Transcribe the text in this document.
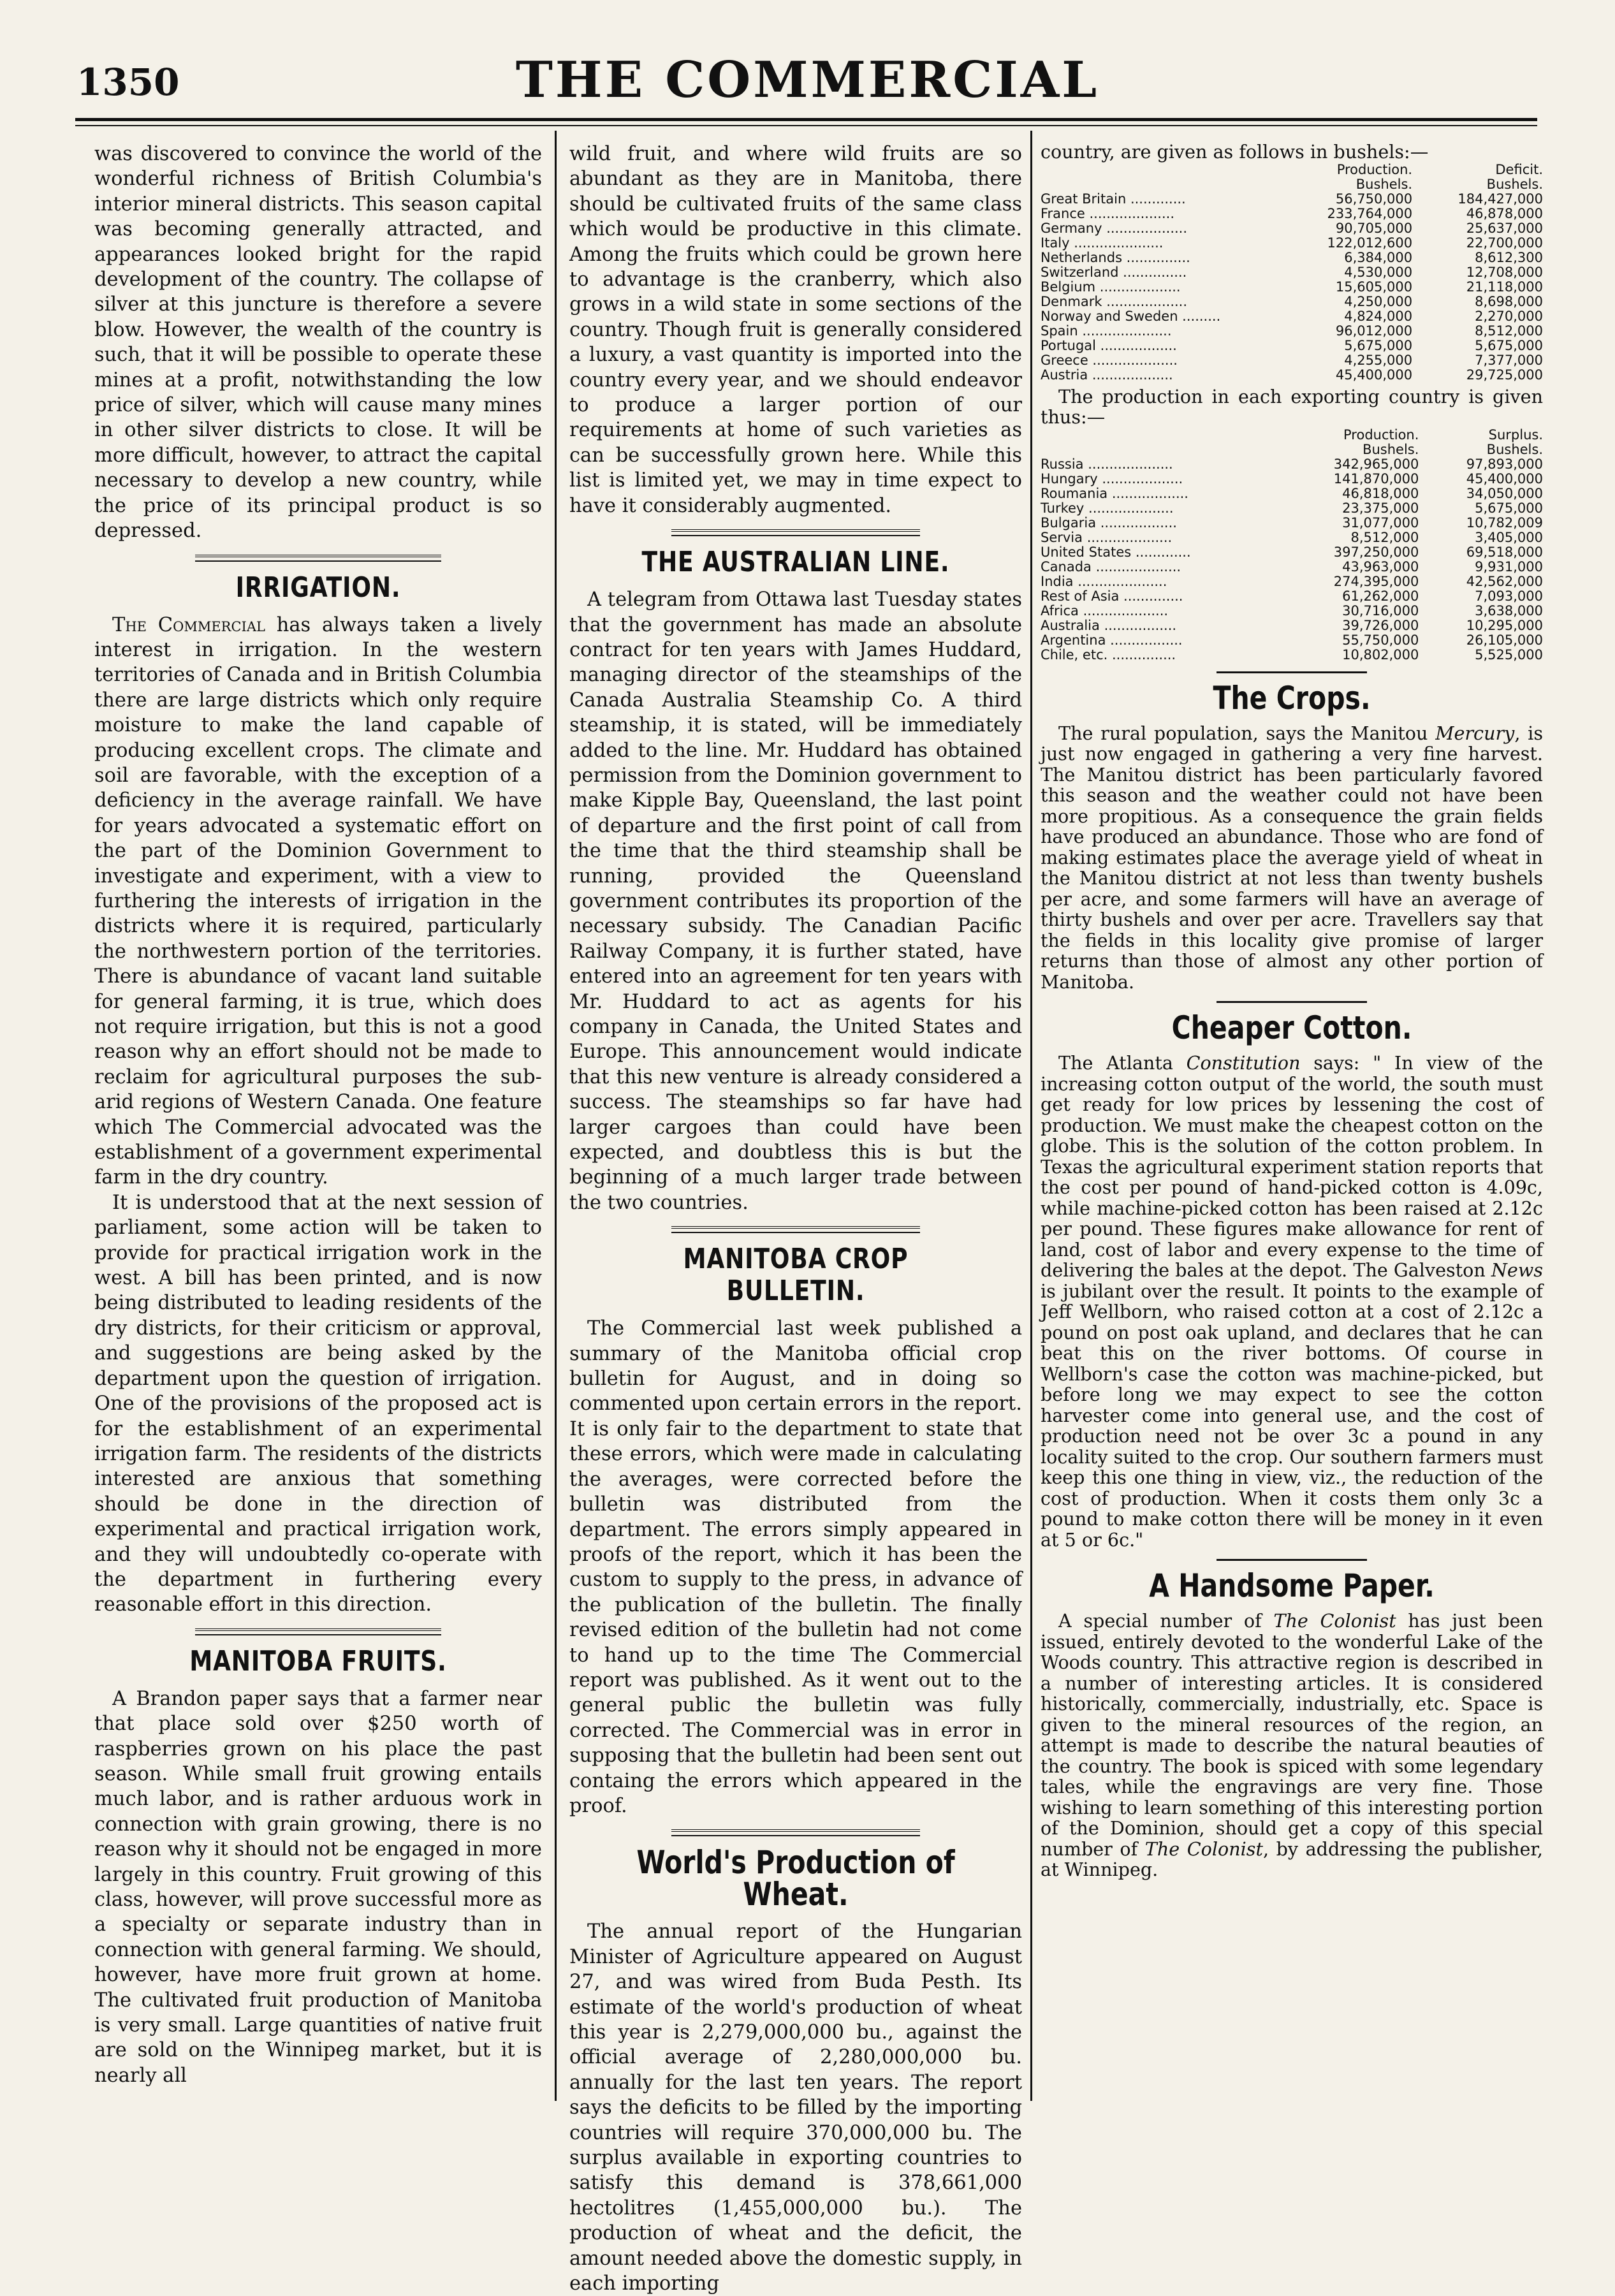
1350	THE COMMERCIAL

was discovered to convince the world of the wonderful richness of British Columbia's interior mineral districts. This season capital was becoming generally attracted, and appearances looked bright for the rapid development of the country. The collapse of silver at this juncture is therefore a severe blow. However, the wealth of the country is such, that it will be possible to operate these mines at a profit, notwithstanding the low price of silver, which will cause many mines in other silver districts to close. It will be more difficult, however, to attract the capital necessary to develop a new country, while the price of its principal product is so depressed.

IRRIGATION.

The Commercial has always taken a lively interest in irrigation. In the western territories of Canada and in British Columbia there are large districts which only require moisture to make the land capable of producing excellent crops. The climate and soil are favorable, with the exception of a deficiency in the average rainfall. We have for years advocated a systematic effort on the part of the Dominion Government to investigate and experiment, with a view to furthering the interests of irrigation in the districts where it is required, particularly the northwestern portion of the territories. There is abundance of vacant land suitable for general farming, it is true, which does not require irrigation, but this is not a good reason why an effort should not be made to reclaim for agricultural purposes the sub-arid regions of Western Canada. One feature which The Commercial advocated was the establishment of a government experimental farm in the dry country.

It is understood that at the next session of parliament, some action will be taken to provide for practical irrigation work in the west. A bill has been printed, and is now being distributed to leading residents of the dry districts, for their criticism or approval, and suggestions are being asked by the department upon the question of irrigation. One of the provisions of the proposed act is for the establishment of an experimental irrigation farm. The residents of the districts interested are anxious that something should be done in the direction of experimental and practical irrigation work, and they will undoubtedly co-operate with the department in furthering every reasonable effort in this direction.

MANITOBA FRUITS.

A Brandon paper says that a farmer near that place sold over $250 worth of raspberries grown on his place the past season. While small fruit growing entails much labor, and is rather arduous work in connection with grain growing, there is no reason why it should not be engaged in more largely in this country. Fruit growing of this class, however, will prove successful more as a specialty or separate industry than in connection with general farming. We should, however, have more fruit grown at home. The cultivated fruit production of Manitoba is very small. Large quantities of native fruit are sold on the Winnipeg market, but it is nearly all

wild fruit, and where wild fruits are so abundant as they are in Manitoba, there should be cultivated fruits of the same class which would be productive in this climate. Among the fruits which could be grown here to advantage is the cranberry, which also grows in a wild state in some sections of the country. Though fruit is generally considered a luxury, a vast quantity is imported into the country every year, and we should endeavor to produce a larger portion of our requirements at home of such varieties as can be successfully grown here. While this list is limited yet, we may in time expect to have it considerably augmented.

THE AUSTRALIAN LINE.

A telegram from Ottawa last Tuesday states that the government has made an absolute contract for ten years with James Huddard, managing director of the steamships of the Canada Australia Steamship Co. A third steamship, it is stated, will be immediately added to the line. Mr. Huddard has obtained permission from the Dominion government to make Kipple Bay, Queensland, the last point of departure and the first point of call from the time that the third steamship shall be running, provided the Queensland government contributes its proportion of the necessary subsidy. The Canadian Pacific Railway Company, it is further stated, have entered into an agreement for ten years with Mr. Huddard to act as agents for his company in Canada, the United States and Europe. This announcement would indicate that this new venture is already considered a success. The steamships so far have had larger cargoes than could have been expected, and doubtless this is but the beginning of a much larger trade between the two countries.

MANITOBA CROP BULLETIN.

The Commercial last week published a summary of the Manitoba official crop bulletin for August, and in doing so commented upon certain errors in the report. It is only fair to the department to state that these errors, which were made in calculating the averages, were corrected before the bulletin was distributed from the department. The errors simply appeared in proofs of the report, which it has been the custom to supply to the press, in advance of the publication of the bulletin. The finally revised edition of the bulletin had not come to hand up to the time The Commercial report was published. As it went out to the general public the bulletin was fully corrected. The Commercial was in error in supposing that the bulletin had been sent out containg the errors which appeared in the proof.

World's Production of Wheat.

The annual report of the Hungarian Minister of Agriculture appeared on August 27, and was wired from Buda Pesth. Its estimate of the world's production of wheat this year is 2,279,000,000 bu., against the official average of 2,280,000,000 bu. annually for the last ten years. The report says the deficits to be filled by the importing countries will require 370,000,000 bu. The surplus available in exporting countries to satisfy this demand is 378,661,000 hectolitres (1,455,000,000 bu.). The production of wheat and the deficit, the amount needed above the domestic supply, in each importing

country, are given as follows in bushels:—

	Production.	Deficit.
	Bushels.	Bushels.
Great Britain .............	56,750,000	184,427,000
France ....................	233,764,000	46,878,000
Germany ...................	90,705,000	25,637,000
Italy .....................	122,012,600	22,700,000
Netherlands ...............	6,384,000	8,612,300
Switzerland ...............	4,530,000	12,708,000
Belgium ...................	15,605,000	21,118,000
Denmark ...................	4,250,000	8,698,000
Norway and Sweden .........	4,824,000	2,270,000
Spain .....................	96,012,000	8,512,000
Portugal ..................	5,675,000	5,675,000
Greece ....................	4,255,000	7,377,000
Austria ...................	45,400,000	29,725,000

The production in each exporting country is given thus:—

	Production.	Surplus.
	Bushels.	Bushels.
Russia ....................	342,965,000	97,893,000
Hungary ...................	141,870,000	45,400,000
Roumania ..................	46,818,000	34,050,000
Turkey ....................	23,375,000	5,675,000
Bulgaria ..................	31,077,000	10,782,009
Servia ....................	8,512,000	3,405,000
United States .............	397,250,000	69,518,000
Canada ....................	43,963,000	9,931,000
India .....................	274,395,000	42,562,000
Rest of Asia ..............	61,262,000	7,093,000
Africa ....................	30,716,000	3,638,000
Australia .................	39,726,000	10,295,000
Argentina .................	55,750,000	26,105,000
Chile, etc. ...............	10,802,000	5,525,000
The Crops.

The rural population, says the Manitou Mercury, is just now engaged in gathering a very fine harvest. The Manitou district has been particularly favored this season and the weather could not have been more propitious. As a consequence the grain fields have produced an abundance. Those who are fond of making estimates place the average yield of wheat in the Manitou district at not less than twenty bushels per acre, and some farmers will have an average of thirty bushels and over per acre. Travellers say that the fields in this locality give promise of larger returns than those of almost any other portion of Manitoba.

Cheaper Cotton.

The Atlanta Constitution says: " In view of the increasing cotton output of the world, the south must get ready for low prices by lessening the cost of production. We must make the cheapest cotton on the globe. This is the solution of the cotton problem. In Texas the agricultural experiment station reports that the cost per pound of hand-picked cotton is 4.09c, while machine-picked cotton has been raised at 2.12c per pound. These figures make allowance for rent of land, cost of labor and every expense to the time of delivering the bales at the depot. The Galveston News is jubilant over the result. It points to the example of Jeff Wellborn, who raised cotton at a cost of 2.12c a pound on post oak upland, and declares that he can beat this on the river bottoms. Of course in Wellborn's case the cotton was machine-picked, but before long we may expect to see the cotton harvester come into general use, and the cost of production need not be over 3c a pound in any locality suited to the crop. Our southern farmers must keep this one thing in view, viz., the reduction of the cost of production. When it costs them only 3c a pound to make cotton there will be money in it even at 5 or 6c."

A Handsome Paper.

A special number of The Colonist has just been issued, entirely devoted to the wonderful Lake of the Woods country. This attractive region is described in a number of interesting articles. It is considered historically, commercially, industrially, etc. Space is given to the mineral resources of the region, an attempt is made to describe the natural beauties of the country. The book is spiced with some legendary tales, while the engravings are very fine. Those wishing to learn something of this interesting portion of the Dominion, should get a copy of this special number of The Colonist, by addressing the publisher, at Winnipeg.
